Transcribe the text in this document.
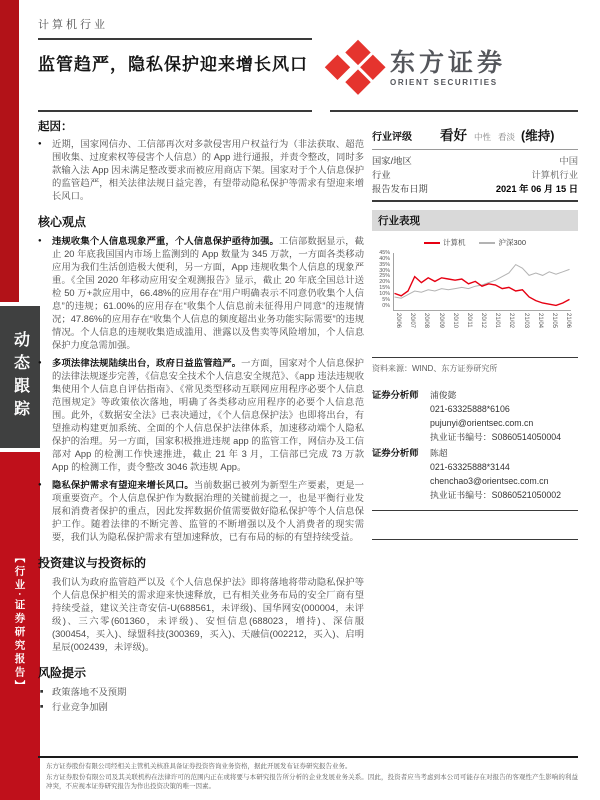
动态跟踪
【行业·证券研究报告】
计算机行业
监管趋严，隐私保护迎来增长风口	东方证券
ORIENT SECURITIES
起因：
●
近期，国家网信办、工信部再次对多款侵害用户权益行为（非法获取、超范围收集、过度索权等侵害个人信息）的 App 进行通报，并责令整改，同时多款输入法 App 因未满足整改要求而被应用商店下架。国家对于个人信息保护的监管趋严，相关法律法规日益完善，有望带动隐私保护等需求有望迎来增长风口。
核心观点
●
违规收集个人信息现象严重，个人信息保护亟待加强。工信部数据显示，截止 20 年底我国国内市场上监测到的 App 数量为 345 万款，一方面各类移动应用为我们生活创造极大便利，另一方面，App 违规收集个人信息的现象严重。《全国 2020 年移动应用安全观测报告》显示，截止 20 年底全国总计送检 50 万+款应用中，66.48%的应用存在“用户明确表示不同意仍收集个人信息”的违规；61.00%的应用存在“收集个人信息前未征得用户同意”的违规情况；47.86%的应用存在“收集个人信息的频度超出业务功能实际需要”的违规情况。个人信息的违规收集造成滥用、泄露以及售卖等风险增加，个人信息保护力度急需加强。
●
多项法律法规陆续出台，政府日益监管趋严。一方面，国家对个人信息保护的法律法规逐步完善，《信息安全技术个人信息安全规范》、《app 违法违规收集使用个人信息自评估指南》、《常见类型移动互联网应用程序必要个人信息范围规定》等政策依次落地，明确了各类移动应用程序的必要个人信息范围。此外，《数据安全法》已表决通过，《个人信息保护法》也即将出台，有望推动构建更加系统、全面的个人信息保护法律体系，加速移动端个人隐私保护的治理。另一方面，国家积极推进违规 app 的监管工作，网信办及工信部对 App 的检测工作快速推进，截止 21 年 3 月，工信部已完成 73 万款 App 的检测工作，责令整改 3046 款违规 App。
●
隐私保护需求有望迎来增长风口。当前数据已被列为新型生产要素，更是一项重要资产。个人信息保护作为数据治理的关键前提之一，也是平衡行业发展和消费者保护的重点，因此发挥数据价值需要做好隐私保护等个人信息保护工作。随着法律的不断完善、监管的不断增强以及个人消费者的现实需要，我们认为隐私保护需求有望加速释放，已有布局的标的有望持续受益。
投资建议与投资标的
我们认为政府监管趋严以及《个人信息保护法》即将落地将带动隐私保护等个人信息保护相关的需求迎来快速释放，已有相关业务布局的安全厂商有望持续受益，建议关注奇安信-U(688561，未评级)、国华网安(000004，未评级)、三六零(601360，未评级)、安恒信息(688023，增持)、深信服(300454，买入)、绿盟科技(300369，买入)、天融信(002212，买入)、启明星辰(002439，未评级)。
风险提示
■
政策落地不及预期
■
行业竞争加剧
行业评级 看好 中性 看淡 (维持)
国家/地区	中国
行业	计算机行业
报告发布日期	2021 年 06 月 15 日
行业表现
计算机	沪深300
45%
40%
35%
30%
25%
20%
15%
10%
5%
0%
20/06 20/07 20/08 20/09 20/10 20/11 20/12 21/01 21/02 21/03 21/04 21/05 21/06
资料来源：WIND、东方证券研究所
证券分析师	浦俊懿
021-63325888*6106
pujunyi@orientsec.com.cn
执业证书编号：S0860514050004
证券分析师	陈超
021-63325888*3144
chenchao3@orientsec.com.cn
执业证书编号：S0860521050002

东方证券股份有限公司经相关主管机关核准具备证券投资咨询业务资格，据此开展发布证券研究报告业务。

东方证券股份有限公司及其关联机构在法律许可的范围内正在或将要与本研究报告所分析的企业发展业务关系。因此，投资者应当考虑到本公司可能存在对报告的客观性产生影响的利益冲突，不应视本证券研究报告为作出投资决策的唯一因素。
